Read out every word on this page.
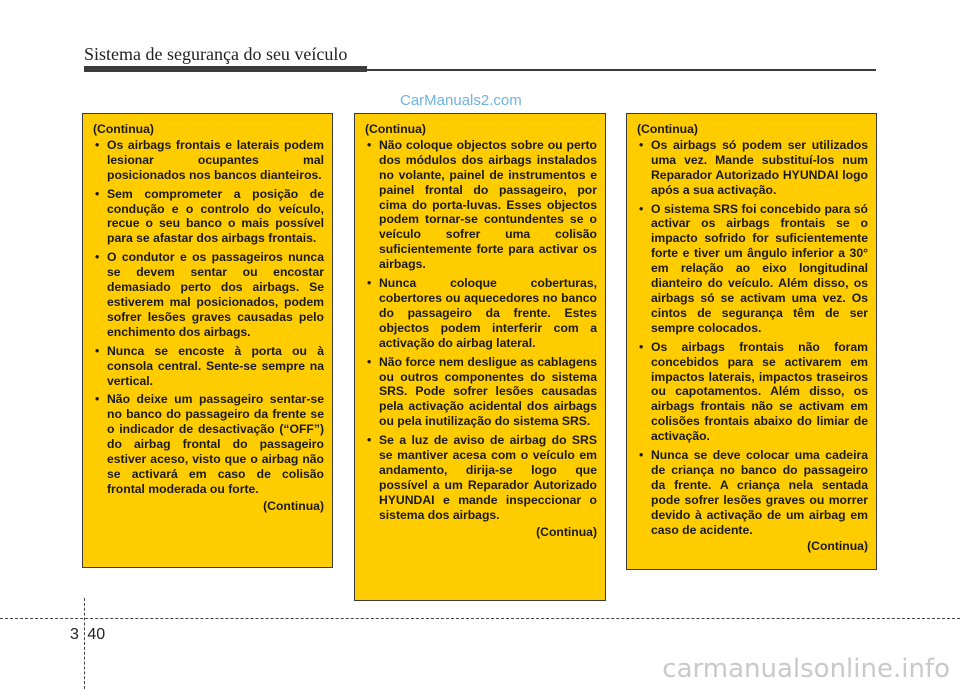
Sistema de segurança do seu veículo
CarManuals2.com
(Continua)
• Os airbags frontais e laterais podem lesionar ocupantes mal posicionados nos bancos dianteiros.
• Sem comprometer a posição de condução e o controlo do veículo, recue o seu banco o mais possível para se afastar dos airbags frontais.
• O condutor e os passageiros nunca se devem sentar ou encostar demasiado perto dos airbags. Se estiverem mal posicionados, podem sofrer lesões graves causadas pelo enchimento dos airbags.
• Nunca se encoste à porta ou à consola central. Sente-se sempre na vertical.
• Não deixe um passageiro sentar-se no banco do passageiro da frente se o indicador de desactivação (“OFF”) do airbag frontal do passageiro estiver aceso, visto que o airbag não se activará em caso de colisão frontal moderada ou forte.
(Continua)
(Continua)
• Não coloque objectos sobre ou perto dos módulos dos airbags instalados no volante, painel de instrumentos e painel frontal do passageiro, por cima do porta-luvas. Esses objectos podem tornar-se contundentes se o veículo sofrer uma colisão suficientemente forte para activar os airbags.
• Nunca coloque coberturas, cobertores ou aquecedores no banco do passageiro da frente. Estes objectos podem interferir com a activação do airbag lateral.
• Não force nem desligue as cablagens ou outros componentes do sistema SRS. Pode sofrer lesões causadas pela activação acidental dos airbags ou pela inutilização do sistema SRS.
• Se a luz de aviso de airbag do SRS se mantiver acesa com o veículo em andamento, dirija-se logo que possível a um Reparador Autorizado HYUNDAI e mande inspeccionar o sistema dos airbags.
(Continua)
(Continua)
• Os airbags só podem ser utilizados uma vez. Mande substituí-los num Reparador Autorizado HYUNDAI logo após a sua activação.
• O sistema SRS foi concebido para só activar os airbags frontais se o impacto sofrido for suficientemente forte e tiver um ângulo inferior a 30° em relação ao eixo longitudinal dianteiro do veículo. Além disso, os airbags só se activam uma vez. Os cintos de segurança têm de ser sempre colocados.
• Os airbags frontais não foram concebidos para se activarem em impactos laterais, impactos traseiros ou capotamentos. Além disso, os airbags frontais não se activam em colisões frontais abaixo do limiar de activação.
• Nunca se deve colocar uma cadeira de criança no banco do passageiro da frente. A criança nela sentada pode sofrer lesões graves ou morrer devido à activação de um airbag em caso de acidente.
(Continua)
3 40
carmanualsonline.info
